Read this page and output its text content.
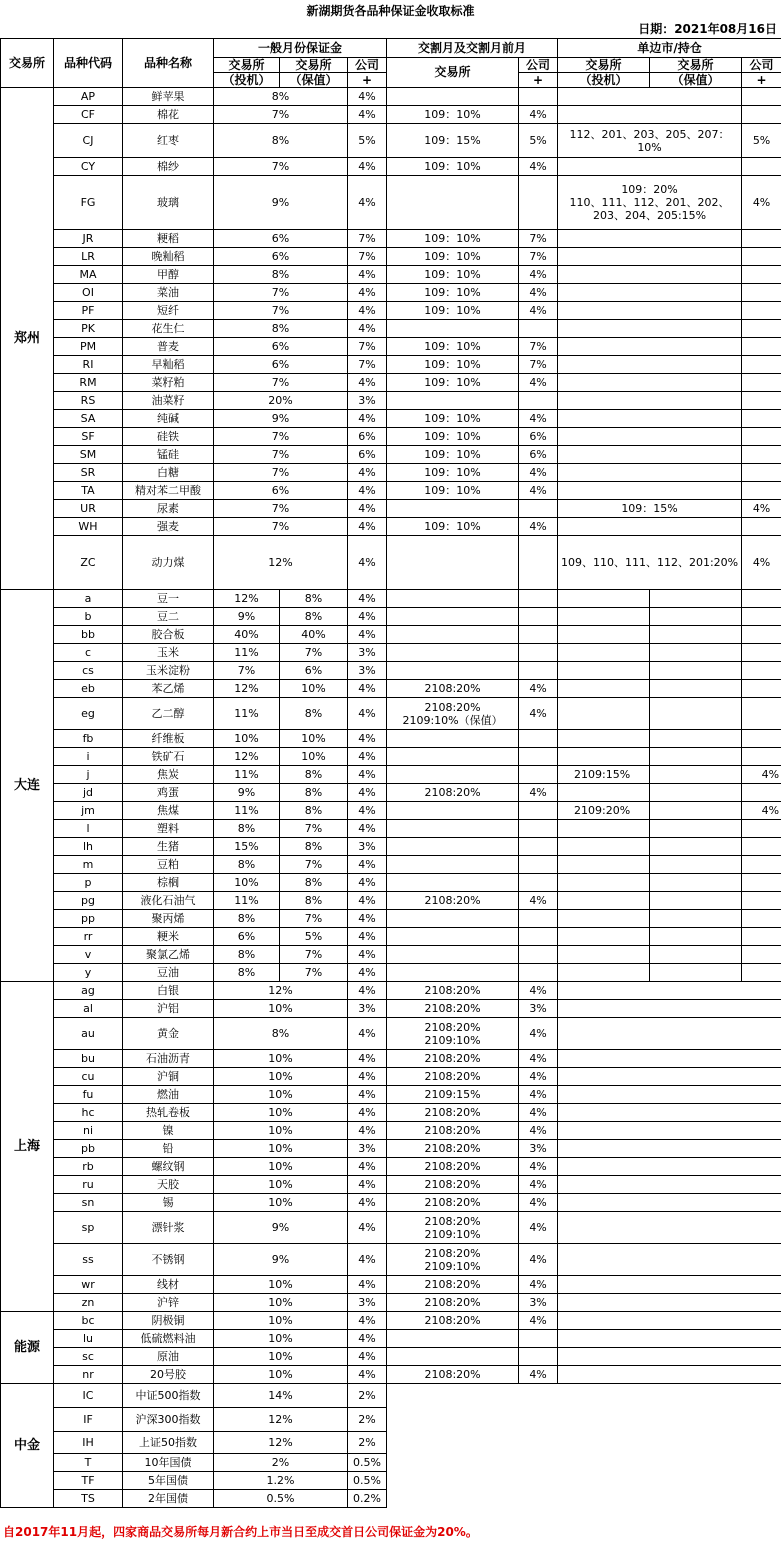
新湖期货各品种保证金收取标准
日期：2021年08月16日
交易所	品种代码	品种名称	一般月份保证金			交割月及交割月前月		单边市/持仓		
			交易所	交易所	公司	交易所	公司	交易所	交易所	公司
			（投机）	（保值）	+		+	（投机）	（保值）	+
郑州	AP	鲜苹果	8%		4%					
	CF	棉花	7%		4%	109：10%	4%			
	CJ	红枣	8%		5%	109：15%	5%	112、201、203、205、207：10%		5%
	CY	棉纱	7%		4%	109：10%	4%			
	FG	玻璃	9%		4%			109：20%
110、111、112、201、202、203、204、205:15%		4%
	JR	粳稻	6%		7%	109：10%	7%			
	LR	晚籼稻	6%		7%	109：10%	7%			
	MA	甲醇	8%		4%	109：10%	4%			
	OI	菜油	7%		4%	109：10%	4%			
	PF	短纤	7%		4%	109：10%	4%			
	PK	花生仁	8%		4%					
	PM	普麦	6%		7%	109：10%	7%			
	RI	早籼稻	6%		7%	109：10%	7%			
	RM	菜籽粕	7%		4%	109：10%	4%			
	RS	油菜籽	20%		3%					
	SA	纯碱	9%		4%	109：10%	4%			
	SF	硅铁	7%		6%	109：10%	6%			
	SM	锰硅	7%		6%	109：10%	6%			
	SR	白糖	7%		4%	109：10%	4%			
	TA	精对苯二甲酸	6%		4%	109：10%	4%			
	UR	尿素	7%		4%			109：15%		4%
	WH	强麦	7%		4%	109：10%	4%			
	ZC	动力煤	12%		4%			109、110、111、112、201:20%		4%
大连	a	豆一	12%	8%	4%					
	b	豆二	9%	8%	4%					
	bb	胶合板	40%	40%	4%					
	c	玉米	11%	7%	3%					
	cs	玉米淀粉	7%	6%	3%					
	eb	苯乙烯	12%	10%	4%	2108:20%	4%			
	eg	乙二醇	11%	8%	4%	2108:20%
2109:10%（保值）	4%			
	fb	纤维板	10%	10%	4%					
	i	铁矿石	12%	10%	4%					
	j	焦炭	11%	8%	4%			2109:15%		4%
	jd	鸡蛋	9%	8%	4%	2108:20%	4%			
	jm	焦煤	11%	8%	4%			2109:20%		4%
	l	塑料	8%	7%	4%					
	lh	生猪	15%	8%	3%					
	m	豆粕	8%	7%	4%					
	p	棕榈	10%	8%	4%					
	pg	液化石油气	11%	8%	4%	2108:20%	4%			
	pp	聚丙烯	8%	7%	4%					
	rr	粳米	6%	5%	4%					
	v	聚氯乙烯	8%	7%	4%					
	y	豆油	8%	7%	4%					
上海	ag	白银	12%		4%	2108:20%	4%			
	al	沪铝	10%		3%	2108:20%	3%			
	au	黄金	8%		4%	2108:20%
2109:10%	4%			
	bu	石油沥青	10%		4%	2108:20%	4%			
	cu	沪铜	10%		4%	2108:20%	4%			
	fu	燃油	10%		4%	2109:15%	4%			
	hc	热轧卷板	10%		4%	2108:20%	4%			
	ni	镍	10%		4%	2108:20%	4%			
	pb	铅	10%		3%	2108:20%	3%			
	rb	螺纹钢	10%		4%	2108:20%	4%			
	ru	天胶	10%		4%	2108:20%	4%			
	sn	锡	10%		4%	2108:20%	4%			
	sp	漂针浆	9%		4%	2108:20%
2109:10%	4%			
	ss	不锈钢	9%		4%	2108:20%
2109:10%	4%			
	wr	线材	10%		4%	2108:20%	4%			
	zn	沪锌	10%		3%	2108:20%	3%			
能源	bc	阴极铜	10%		4%	2108:20%	4%			
	lu	低硫燃料油	10%		4%					
	sc	原油	10%		4%					
	nr	20号胶	10%		4%	2108:20%	4%			
中金	IC	中证500指数	14%		2%					
	IF	沪深300指数	12%		2%					
	IH	上证50指数	12%		2%					
	T	10年国债	2%		0.5%					
	TF	5年国债	1.2%		0.5%					
	TS	2年国债	0.5%		0.2%					
自2017年11月起，四家商品交易所每月新合约上市当日至成交首日公司保证金为20%。
